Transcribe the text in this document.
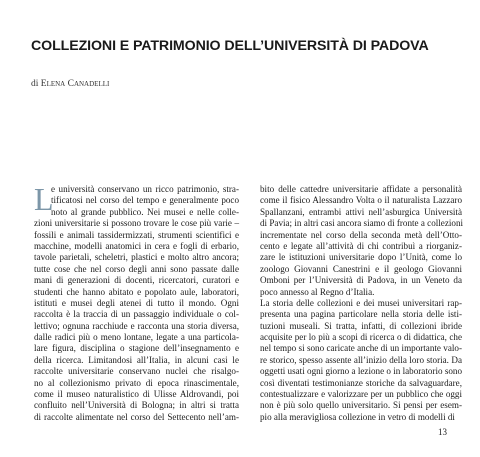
COLLEZIONI E PATRIMONIO DELL’UNIVERSITÀ DI PADOVA
di Elena Canadelli
L
e università conservano un ricco patrimonio, stra-
tificatosi nel corso del tempo e generalmente poco
noto al grande pubblico. Nei musei e nelle colle-
zioni universitarie si possono trovare le cose più varie –
fossili e animali tassidermizzati, strumenti scientifici e
macchine, modelli anatomici in cera e fogli di erbario,
tavole parietali, scheletri, plastici e molto altro ancora;
tutte cose che nel corso degli anni sono passate dalle
mani di generazioni di docenti, ricercatori, curatori e
studenti che hanno abitato e popolato aule, laboratori,
istituti e musei degli atenei di tutto il mondo. Ogni
raccolta è la traccia di un passaggio individuale o col-
lettivo; ognuna racchiude e racconta una storia diversa,
dalle radici più o meno lontane, legate a una particola-
lare figura, disciplina o stagione dell’insegnamento e
della ricerca. Limitandosi all’Italia, in alcuni casi le
raccolte universitarie conservano nuclei che risalgo-
no al collezionismo privato di epoca rinascimentale,
come il museo naturalistico di Ulisse Aldrovandi, poi
confluito nell’Università di Bologna; in altri si tratta
di raccolte alimentate nel corso del Settecento nell’am-
bito delle cattedre universitarie affidate a personalità
come il fisico Alessandro Volta o il naturalista Lazzaro
Spallanzani, entrambi attivi nell’asburgica Università
di Pavia; in altri casi ancora siamo di fronte a collezioni
incrementate nel corso della seconda metà dell’Otto-
cento e legate all’attività di chi contribuì a riorganiz-
zare le istituzioni universitarie dopo l’Unità, come lo
zoologo Giovanni Canestrini e il geologo Giovanni
Omboni per l’Università di Padova, in un Veneto da
poco annesso al Regno d’Italia.
La storia delle collezioni e dei musei universitari rap-
presenta una pagina particolare nella storia delle isti-
tuzioni museali. Si tratta, infatti, di collezioni ibride
acquisite per lo più a scopi di ricerca o di didattica, che
nel tempo si sono caricate anche di un importante valo-
re storico, spesso assente all’inizio della loro storia. Da
oggetti usati ogni giorno a lezione o in laboratorio sono
così diventati testimonianze storiche da salvaguardare,
contestualizzare e valorizzare per un pubblico che oggi
non è più solo quello universitario. Si pensi per esem-
pio alla meravigliosa collezione in vetro di modelli di
13
